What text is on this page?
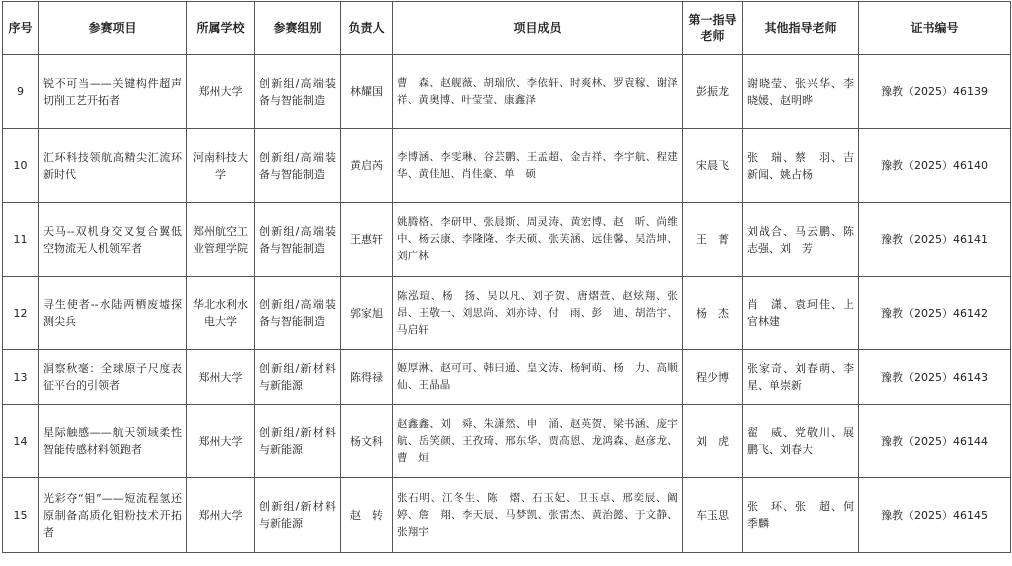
序号	参赛项目	所属学校	参赛组别	负责人	项目成员	第一指导老师	其他指导老师	证书编号
9	锐不可当——关键构件超声切削工艺开拓者	郑州大学	创新组/高端装备与智能制造	林耀国	曹　森、赵舰薇、胡瑞欣、李依轩、时爽林、罗袁稼、谢泽祥、黄奥博、叶莹莹、康鑫泽	彭振龙	谢晓莹、张兴华、李晓媛、赵明晔	豫教（2025）46139
10	汇环科技领航高精尖汇流环新时代	河南科技大学	创新组/高端装备与智能制造	黄启芮	李博涵、李雯琳、谷芸鹏、王孟超、金吉祥、李宇航、程建华、黄佳旭、肖佳豪、单　硕	宋晨飞	张　瑞、蔡　羽、吉新闻、姚占杨	豫教（2025）46140
11	天马--双机身交叉复合翼低空物流无人机领军者	郑州航空工业管理学院	创新组/高端装备与智能制造	王惠轩	姚腾格、李研甲、张晨斯、周灵涛、黄宏博、赵　昕、尚维中、杨云康、李隆隆、李天硕、张芙涵、远佳馨、吴浩坤、刘广林	王　菁	刘战合、马云鹏、陈志强、刘　芳	豫教（2025）46141
12	寻生使者--水陆两栖废墟探测尖兵	华北水利水电大学	创新组/高端装备与智能制造	郭家旭	陈泓瑄、杨　扬、吴以凡、刘子贺、唐熠萱、赵炫翔、张　昂、王敬一、刘思尚、刘亦诗、付　雨、彭　迪、胡浩宇、马启轩	杨　杰	肖　潇、袁珂佳、上官林建	豫教（2025）46142
13	洞察秋毫：全球原子尺度表征平台的引领者	郑州大学	创新组/新材料与新能源	陈得禄	姬厚淋、赵可可、韩曰通、皇文涛、杨轲萌、杨　力、高顺仙、王晶晶	程少博	张家奇、刘春萌、李　星、单崇新	豫教（2025）46143
14	星际触感——航天领域柔性智能传感材料领跑者	郑州大学	创新组/新材料与新能源	杨文科	赵鑫鑫、刘　舜、朱潇然、申　涌、赵英贺、梁书涵、庞宇航、岳笑颜、王孜琦、邢东华、贾高恩、龙鸿森、赵彦龙、曹　烜	刘　虎	翟　威、党敬川、展鹏飞、刘春大	豫教（2025）46144
15	光彩夺“钼”——短流程氢还原制备高质化钼粉技术开拓者	郑州大学	创新组/新材料与新能源	赵　转	张石明、江冬生、陈　熠、石玉妃、卫玉卓、邢奕辰、阚　婷、詹　翔、李天辰、马梦凯、张雷杰、黄治懿、于文静、张翔宇	车玉思	张　环、张　超、何季麟	豫教（2025）46145
